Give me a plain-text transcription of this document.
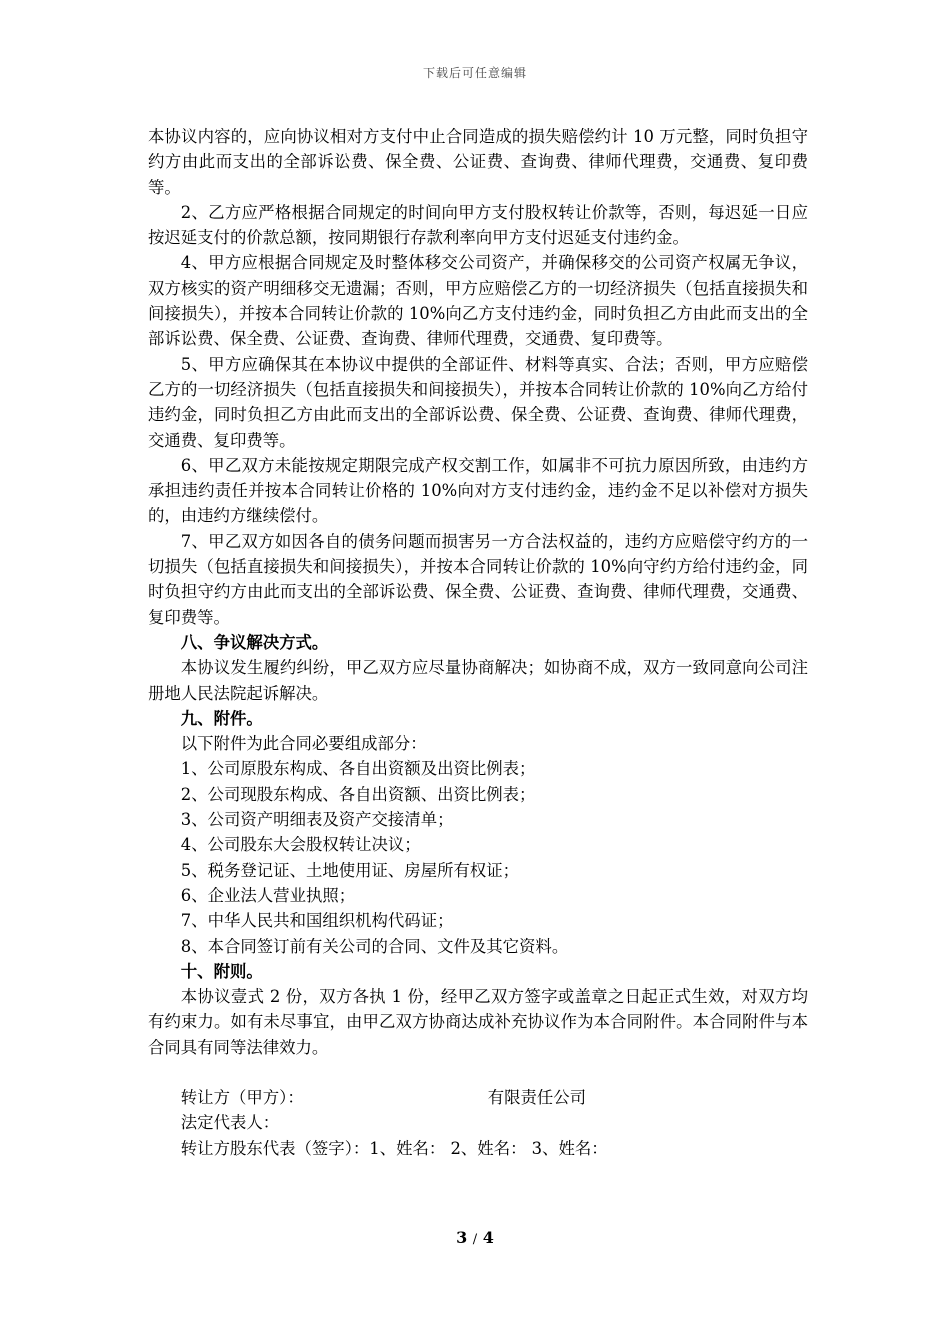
下载后可任意编辑

本协议内容的，应向协议相对方支付中止合同造成的损失赔偿约计 10 万元整，同时负担守约方由此而支出的全部诉讼费、保全费、公证费、查询费、律师代理费，交通费、复印费等。

2、乙方应严格根据合同规定的时间向甲方支付股权转让价款等，否则，每迟延一日应按迟延支付的价款总额，按同期银行存款利率向甲方支付迟延支付违约金。

4、甲方应根据合同规定及时整体移交公司资产，并确保移交的公司资产权属无争议，双方核实的资产明细移交无遗漏；否则，甲方应赔偿乙方的一切经济损失（包括直接损失和间接损失），并按本合同转让价款的 10%向乙方支付违约金，同时负担乙方由此而支出的全部诉讼费、保全费、公证费、查询费、律师代理费，交通费、复印费等。

5、甲方应确保其在本协议中提供的全部证件、材料等真实、合法；否则，甲方应赔偿乙方的一切经济损失（包括直接损失和间接损失），并按本合同转让价款的 10%向乙方给付违约金，同时负担乙方由此而支出的全部诉讼费、保全费、公证费、查询费、律师代理费，交通费、复印费等。

6、甲乙双方未能按规定期限完成产权交割工作，如属非不可抗力原因所致，由违约方承担违约责任并按本合同转让价格的 10%向对方支付违约金，违约金不足以补偿对方损失的，由违约方继续偿付。

7、甲乙双方如因各自的债务问题而损害另一方合法权益的，违约方应赔偿守约方的一切损失（包括直接损失和间接损失），并按本合同转让价款的 10%向守约方给付违约金，同时负担守约方由此而支出的全部诉讼费、保全费、公证费、查询费、律师代理费，交通费、复印费等。

八、争议解决方式。

本协议发生履约纠纷，甲乙双方应尽量协商解决；如协商不成，双方一致同意向公司注册地人民法院起诉解决。

九、附件。

以下附件为此合同必要组成部分：

1、公司原股东构成、各自出资额及出资比例表；

2、公司现股东构成、各自出资额、出资比例表；

3、公司资产明细表及资产交接清单；

4、公司股东大会股权转让决议；

5、税务登记证、土地使用证、房屋所有权证；

6、企业法人营业执照；

7、中华人民共和国组织机构代码证；

8、本合同签订前有关公司的合同、文件及其它资料。

十、附则。

本协议壹式 2 份，双方各执 1 份，经甲乙双方签字或盖章之日起正式生效，对双方均有约束力。如有未尽事宜，由甲乙双方协商达成补充协议作为本合同附件。本合同附件与本合同具有同等法律效力。

转让方（甲方）：	有限责任公司
法定代表人：
转让方股东代表（签字）：1、姓名： 2、姓名： 3、姓名：
3 / 4
